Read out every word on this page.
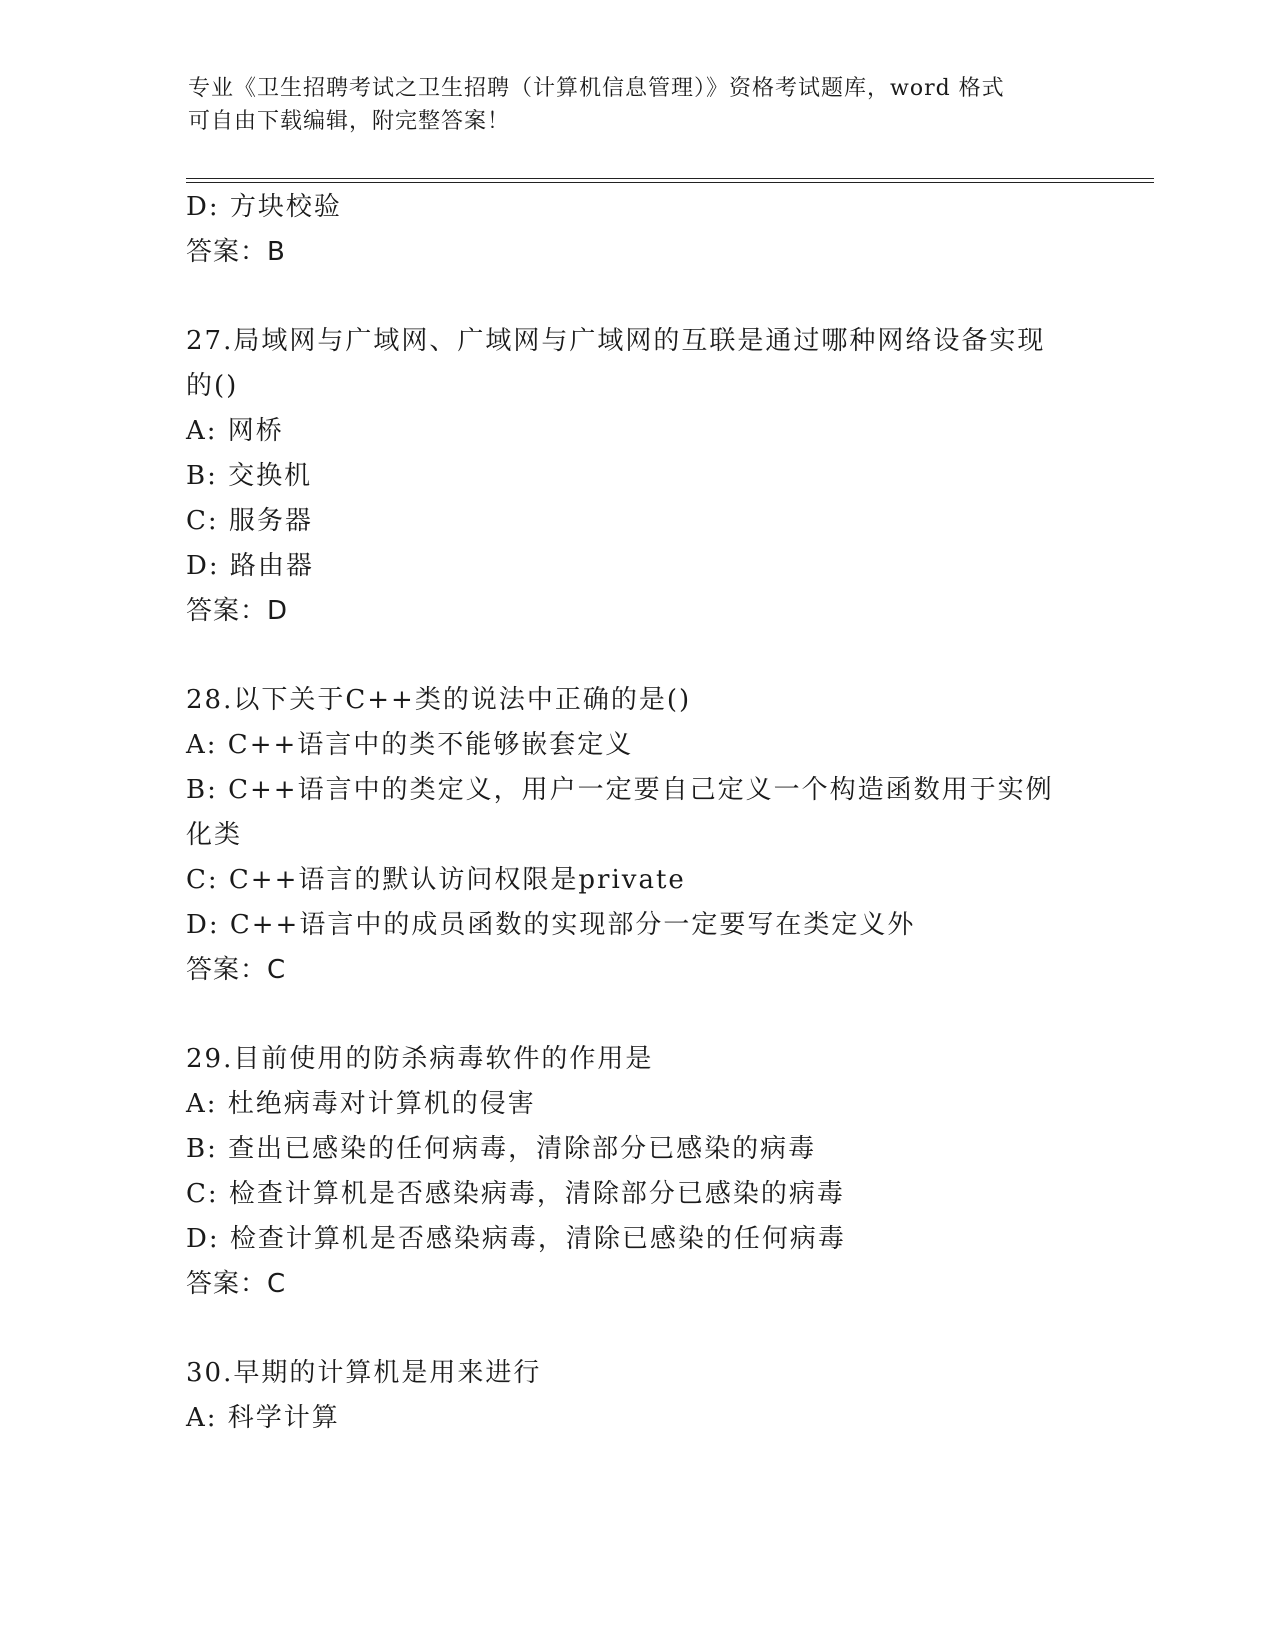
专业《卫生招聘考试之卫生招聘（计算机信息管理）》资格考试题库，word 格式
可自由下载编辑，附完整答案！
D: 方块校验
答案：B
27.局域网与广域网、广域网与广域网的互联是通过哪种网络设备实现
的()
A: 网桥
B: 交换机
C: 服务器
D: 路由器
答案：D
28.以下关于C++类的说法中正确的是()
A: C++语言中的类不能够嵌套定义
B: C++语言中的类定义，用户一定要自己定义一个构造函数用于实例
化类
C: C++语言的默认访问权限是private
D: C++语言中的成员函数的实现部分一定要写在类定义外
答案：C
29.目前使用的防杀病毒软件的作用是
A: 杜绝病毒对计算机的侵害
B: 查出已感染的任何病毒，清除部分已感染的病毒
C: 检查计算机是否感染病毒，清除部分已感染的病毒
D: 检查计算机是否感染病毒，清除已感染的任何病毒
答案：C
30.早期的计算机是用来进行
A: 科学计算
